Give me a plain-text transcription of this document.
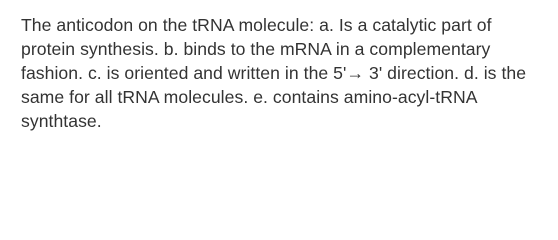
The anticodon on the tRNA molecule: a. Is a catalytic part of
protein synthesis. b. binds to the mRNA in a complementary
fashion. c. is oriented and written in the 5'→ 3' direction. d. is the
same for all tRNA molecules. e. contains amino-acyl-tRNA
synthtase.
